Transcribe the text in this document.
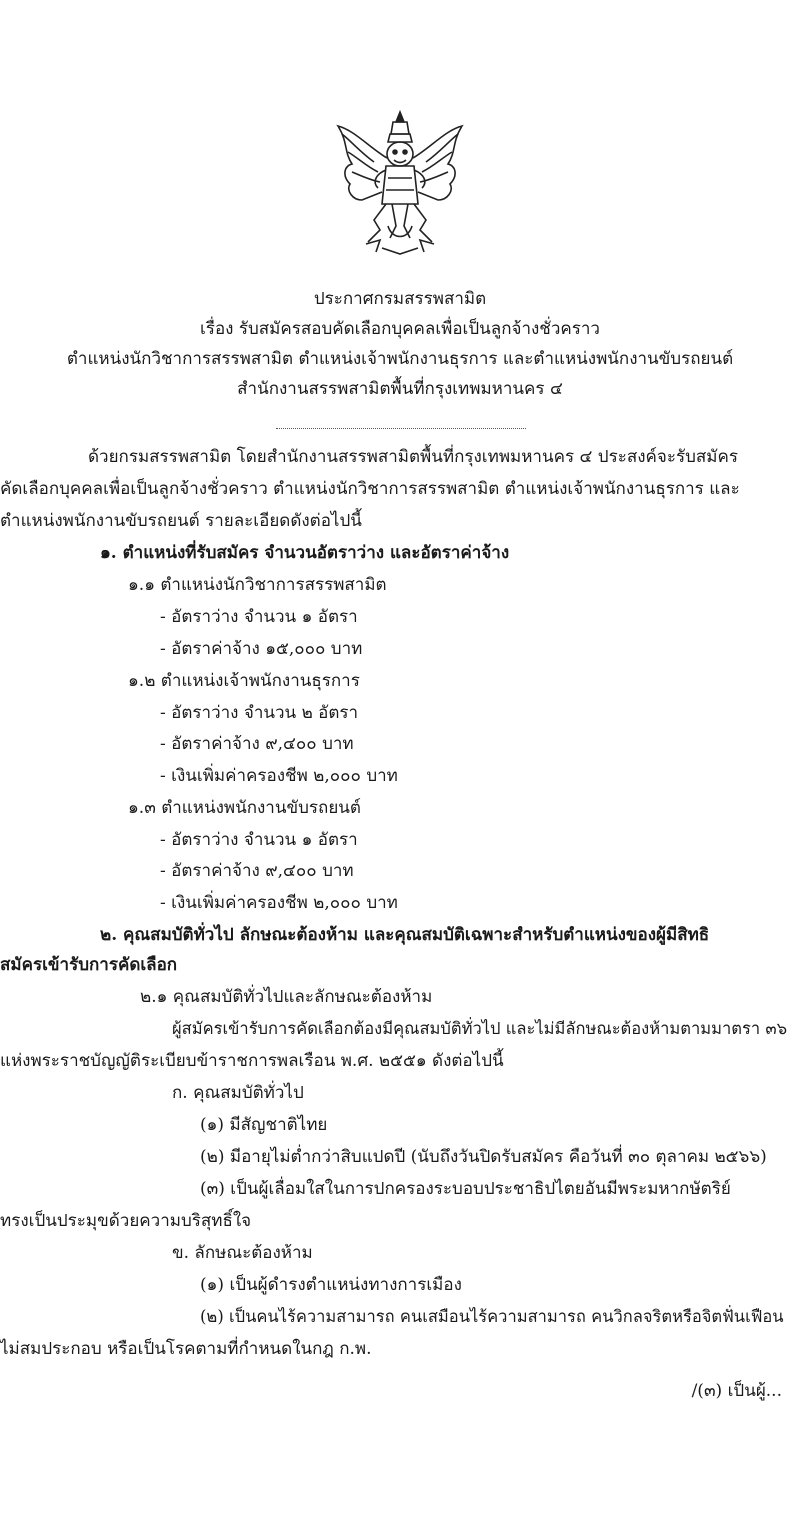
ประกาศกรมสรรพสามิต
เรื่อง รับสมัครสอบคัดเลือกบุคคลเพื่อเป็นลูกจ้างชั่วคราว
ตำแหน่งนักวิชาการสรรพสามิต ตำแหน่งเจ้าพนักงานธุรการ และตำแหน่งพนักงานขับรถยนต์
สำนักงานสรรพสามิตพื้นที่กรุงเทพมหานคร ๔
ด้วยกรมสรรพสามิต โดยสำนักงานสรรพสามิตพื้นที่กรุงเทพมหานคร ๔ ประสงค์จะรับสมัคร
คัดเลือกบุคคลเพื่อเป็นลูกจ้างชั่วคราว ตำแหน่งนักวิชาการสรรพสามิต ตำแหน่งเจ้าพนักงานธุรการ และ
ตำแหน่งพนักงานขับรถยนต์ รายละเอียดดังต่อไปนี้
๑. ตำแหน่งที่รับสมัคร จำนวนอัตราว่าง และอัตราค่าจ้าง
๑.๑ ตำแหน่งนักวิชาการสรรพสามิต
- อัตราว่าง จำนวน ๑ อัตรา
- อัตราค่าจ้าง ๑๕,๐๐๐ บาท
๑.๒ ตำแหน่งเจ้าพนักงานธุรการ
- อัตราว่าง จำนวน ๒ อัตรา
- อัตราค่าจ้าง ๙,๔๐๐ บาท
- เงินเพิ่มค่าครองชีพ ๒,๐๐๐ บาท
๑.๓ ตำแหน่งพนักงานขับรถยนต์
- อัตราว่าง จำนวน ๑ อัตรา
- อัตราค่าจ้าง ๙,๔๐๐ บาท
- เงินเพิ่มค่าครองชีพ ๒,๐๐๐ บาท
๒. คุณสมบัติทั่วไป ลักษณะต้องห้าม และคุณสมบัติเฉพาะสำหรับตำแหน่งของผู้มีสิทธิ
สมัครเข้ารับการคัดเลือก
๒.๑ คุณสมบัติทั่วไปและลักษณะต้องห้าม
ผู้สมัครเข้ารับการคัดเลือกต้องมีคุณสมบัติทั่วไป และไม่มีลักษณะต้องห้ามตามมาตรา ๓๖
แห่งพระราชบัญญัติระเบียบข้าราชการพลเรือน พ.ศ. ๒๕๕๑ ดังต่อไปนี้
ก. คุณสมบัติทั่วไป
(๑) มีสัญชาติไทย
(๒) มีอายุไม่ต่ำกว่าสิบแปดปี (นับถึงวันปิดรับสมัคร คือวันที่ ๓๐ ตุลาคม ๒๕๖๖)
(๓) เป็นผู้เลื่อมใสในการปกครองระบอบประชาธิปไตยอันมีพระมหากษัตริย์
ทรงเป็นประมุขด้วยความบริสุทธิ์ใจ
ข. ลักษณะต้องห้าม
(๑) เป็นผู้ดำรงตำแหน่งทางการเมือง
(๒) เป็นคนไร้ความสามารถ คนเสมือนไร้ความสามารถ คนวิกลจริตหรือจิตฟั่นเฟือน
ไม่สมประกอบ หรือเป็นโรคตามที่กำหนดในกฎ ก.พ.
/(๓) เป็นผู้...
